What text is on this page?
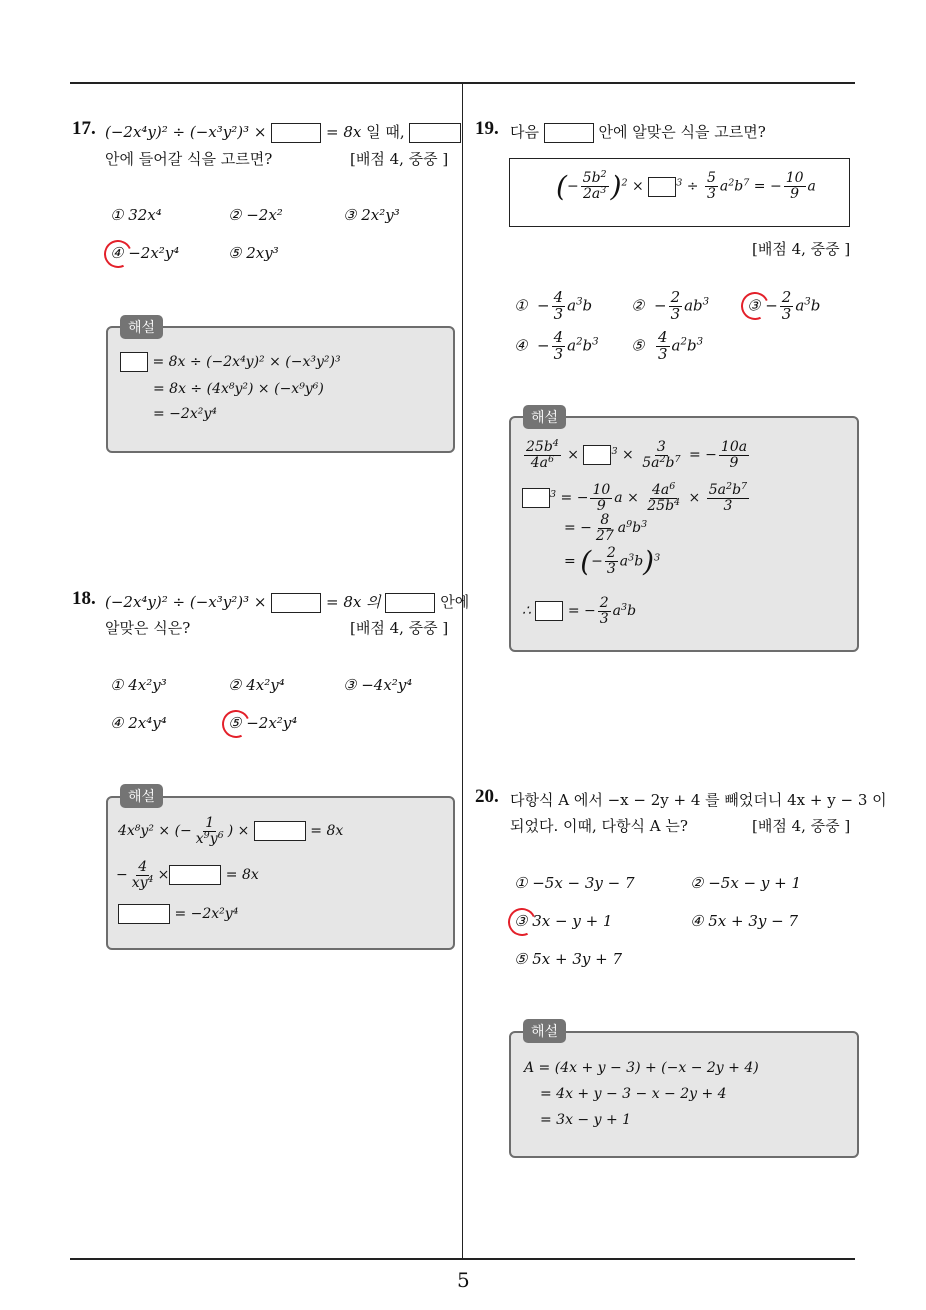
5
17. (−2x⁴y)² ÷ (−x³y²)³ ×	= 8x 일 때,
안에 들어갈 식을 고르면?	[배점 4, 중중 ]
① 32x⁴	② −2x²	③ 2x²y³
④ −2x²y⁴	⑤ 2xy³
해설
= 8x ÷ (−2x⁴y)² × (−x³y²)³
= 8x ÷ (4x⁸y²) × (−x⁹y⁶)
= −2x²y⁴
18. (−2x⁴y)² ÷ (−x³y²)³ ×	= 8x 의	안에
알맞은 식은?	[배점 4, 중중 ]
① 4x²y³	② 4x²y⁴	③ −4x²y⁴
④ 2x⁴y⁴	⑤ −2x²y⁴
해설
4x⁸y² × (− $\frac{1}{x^9y^6}$ ) ×	= 8x
− $\frac{4}{xy^4}$ ×	= 8x
= −2x²y⁴
19. 다음	안에 알맞은 식을 고르면?
(− $\frac{5b^2}{2a^3} )^2$ ×	$^3 \div \frac{5}{3} a^2b^7$ = − $\frac{10}{9}$ a
[배점 4, 중중 ]
①  − $\frac{4}{3} a^3b$	②  − $\frac{2}{3} ab^3$	③ − $\frac{2}{3} a^3b$
④  − $\frac{4}{3} a^2b^3$ ⑤ $\frac{4}{3} a^2b^3$
해설
$\frac{25b^4}{4a^6}$ ×	$^3 \times \frac{3}{5a^2b^7}$ = − $\frac{10a}{9}$
$^3$ = − $\frac{10}{9}$ $a \times \frac{4a^6}{25b^4} \times \frac{5a^2b^7}{3}$
= − $\frac{8}{27} a^9b^3$
= (− $\frac{2}{3} a^3b)^3$
∴  = − $\frac{2}{3} a^3b$
20. 다항식 A 에서 −x − 2y + 4 를 빼었더니 4x + y − 3 이
되었다. 이때, 다항식 A 는?	[배점 4, 중중 ]
① −5x − 3y − 7	② −5x − y + 1
③ 3x − y + 1	④ 5x + 3y − 7
⑤ 5x + 3y + 7
해설
A = (4x + y − 3) + (−x − 2y + 4)
= 4x + y − 3 − x − 2y + 4
= 3x − y + 1
